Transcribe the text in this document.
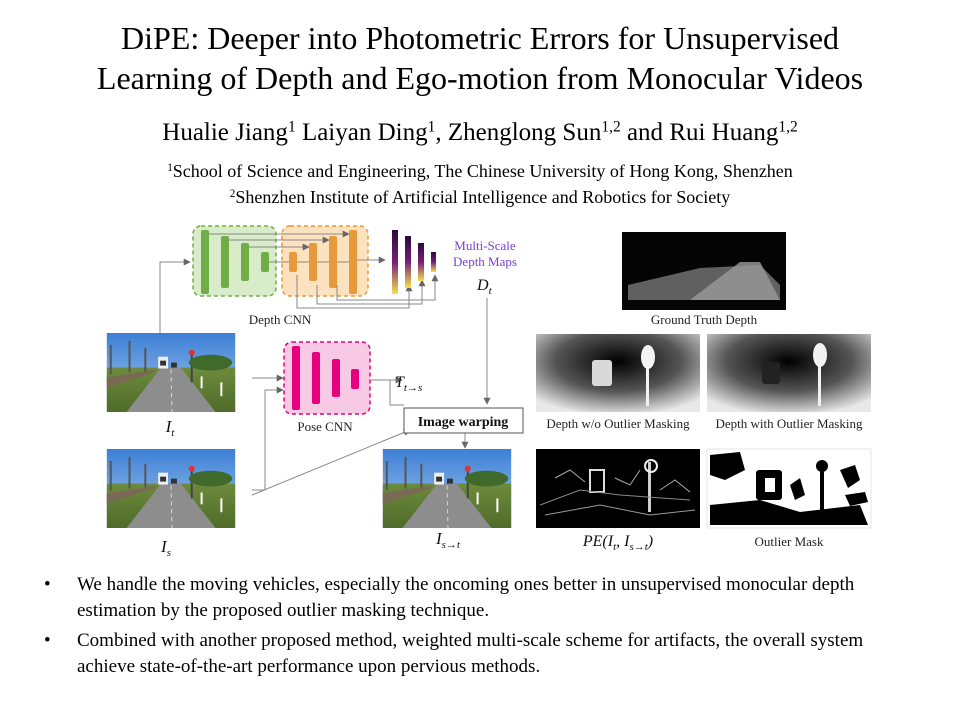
DiPE: Deeper into Photometric Errors for Unsupervised
Learning of Depth and Ego-motion from Monocular Videos
Hualie Jiang$^1$ Laiyan Ding$^1$, Zhenglong Sun$^{1,2}$ and Rui Huang$^{1,2}$
$^1$School of Science and Engineering, The Chinese University of Hong Kong, Shenzhen
$^2$Shenzhen Institute of Artificial Intelligence and Robotics for Society
Multi-Scale
Depth Maps
$D_t$
Depth CNN
Pose CNN
$T_{t\to s}$
Image warping
$I_t$
$I_s$
$I_{s\to t}$
Ground Truth Depth
Depth w/o Outlier Masking Depth with Outlier Masking
$PE(I_t$, $I_{s\to t}$)	Outlier Mask
• We handle the moving vehicles, especially the oncoming ones better in unsupervised monocular depth estimation by the proposed outlier masking technique.
• Combined with another proposed method, weighted multi-scale scheme for artifacts, the overall system achieve state-of-the-art performance upon pervious methods.
